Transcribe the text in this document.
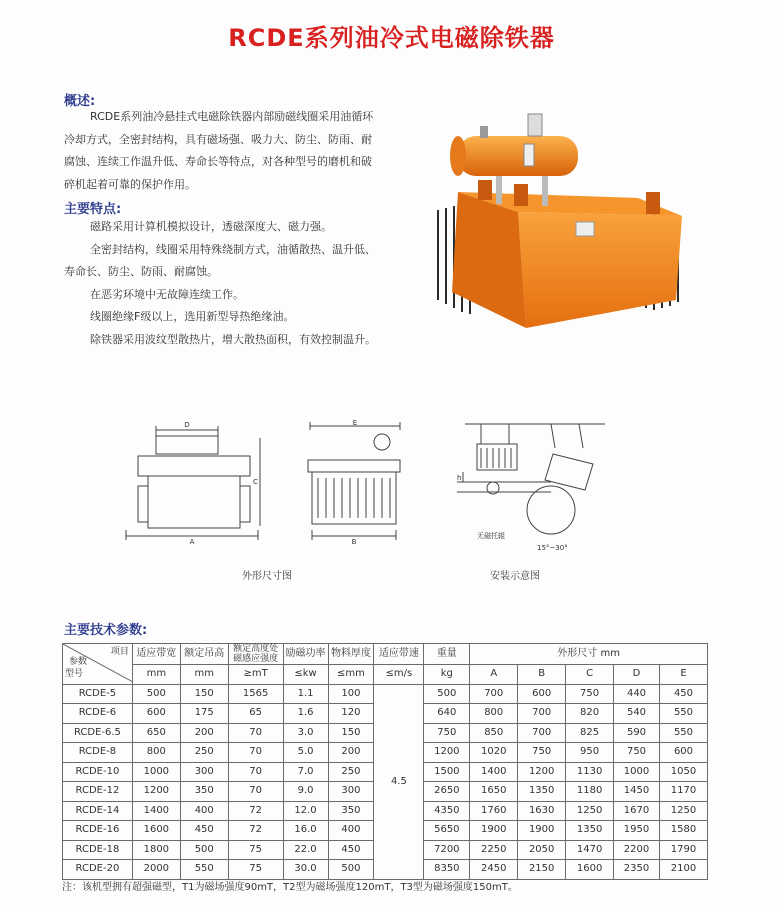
RCDE系列油冷式电磁除铁器
概述:

RCDE系列油冷悬挂式电磁除铁器内部励磁线圈采用油循环

冷却方式，全密封结构，具有磁场强、吸力大、防尘、防雨、耐

腐蚀、连续工作温升低、寿命长等特点，对各种型号的磨机和破

碎机起着可靠的保护作用。

主要特点:

磁路采用计算机模拟设计，透磁深度大、磁力强。

全密封结构，线圈采用特殊绕制方式，油循散热、温升低、

寿命长、防尘、防雨、耐腐蚀。

在恶劣环境中无故障连续工作。

线圈绝缘F级以上，选用新型导热绝缘油。

除铁器采用波纹型散热片，增大散热面积，有效控制温升。

D
A
C
E
B
h
无磁托辊
15°~30°
外形尺寸图	安装示意图
主要技术参数:
项目
参数
型号	适应带宽	额定吊高	额定高度处磁感应强度	励磁功率	物料厚度	适应带速	重量	外形尺寸 mm				
	mm	mm	≥mT	≤kw	≤mm	≤m/s	kg	A	B	C	D	E
RCDE-5	500	150	1565	1.1	100	4.5	500	700	600	750	440	450
RCDE-6	600	175	65	1.6	120		640	800	700	820	540	550
RCDE-6.5	650	200	70	3.0	150		750	850	700	825	590	550
RCDE-8	800	250	70	5.0	200		1200	1020	750	950	750	600
RCDE-10	1000	300	70	7.0	250		1500	1400	1200	1130	1000	1050
RCDE-12	1200	350	70	9.0	300		2650	1650	1350	1180	1450	1170
RCDE-14	1400	400	72	12.0	350		4350	1760	1630	1250	1670	1250
RCDE-16	1600	450	72	16.0	400		5650	1900	1900	1350	1950	1580
RCDE-18	1800	500	75	22.0	450		7200	2250	2050	1470	2200	1790
RCDE-20	2000	550	75	30.0	500		8350	2450	2150	1600	2350	2100
注：该机型拥有超强磁型，T1为磁场强度90mT，T2型为磁场强度120mT，T3型为磁场强度150mT。
